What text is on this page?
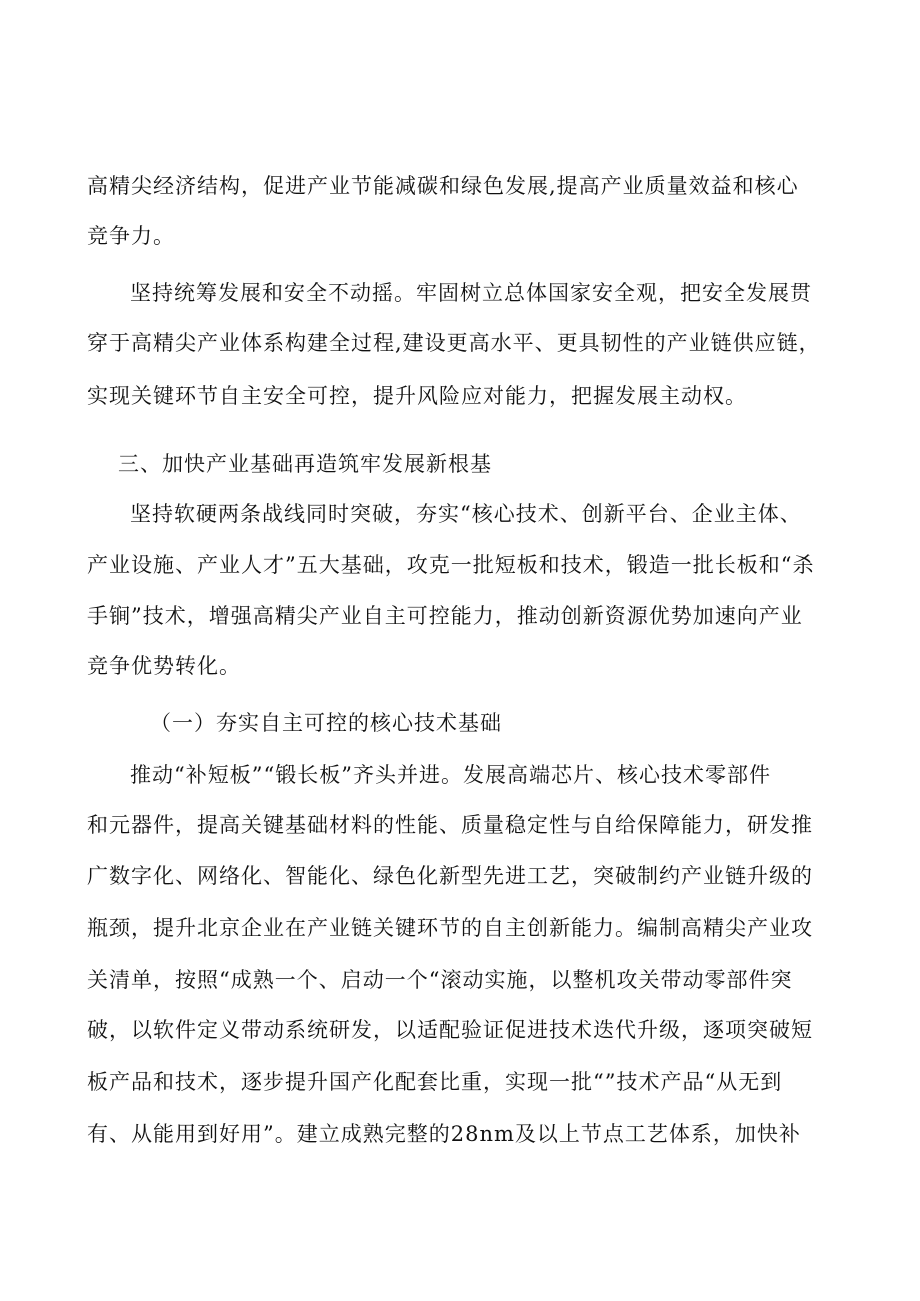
高精尖经济结构，促进产业节能减碳和绿色发展,提高产业质量效益和核心
竞争力。
坚持统筹发展和安全不动摇。牢固树立总体国家安全观，把安全发展贯
穿于高精尖产业体系构建全过程,建设更高水平、更具韧性的产业链供应链，
实现关键环节自主安全可控，提升风险应对能力，把握发展主动权。
三、加快产业基础再造筑牢发展新根基
坚持软硬两条战线同时突破，夯实“核心技术、创新平台、企业主体、
产业设施、产业人才”五大基础，攻克一批短板和技术，锻造一批长板和“杀
手锏”技术，增强高精尖产业自主可控能力，推动创新资源优势加速向产业
竞争优势转化。
（一）夯实自主可控的核心技术基础
推动“补短板”“锻长板”齐头并进。发展高端芯片、核心技术零部件
和元器件，提高关键基础材料的性能、质量稳定性与自给保障能力，研发推
广数字化、网络化、智能化、绿色化新型先进工艺，突破制约产业链升级的
瓶颈，提升北京企业在产业链关键环节的自主创新能力。编制高精尖产业攻
关清单，按照“成熟一个、启动一个“滚动实施，以整机攻关带动零部件突
破，以软件定义带动系统研发，以适配验证促进技术迭代升级，逐项突破短
板产品和技术，逐步提升国产化配套比重，实现一批“”技术产品“从无到
有、从能用到好用”。建立成熟完整的28nm及以上节点工艺体系，加快补
